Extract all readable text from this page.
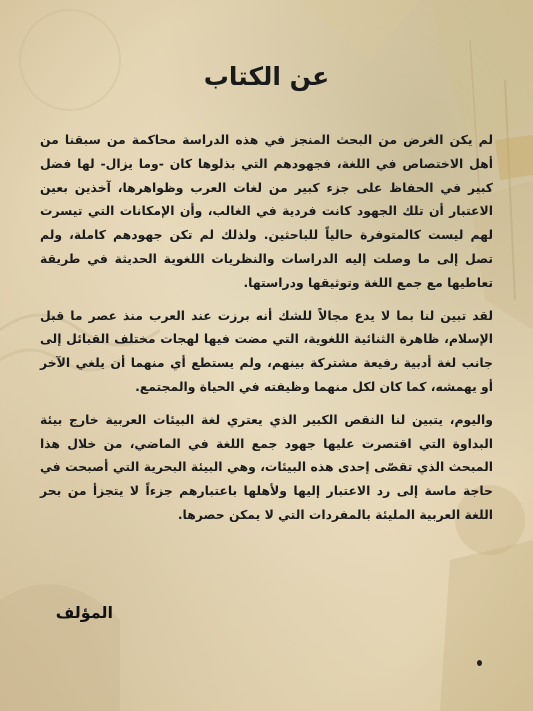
عن الكتاب

لم يكن الغرض من البحث المنجز في هذه الدراسة محاكمة من سبقنا من أهل الاختصاص في اللغة، فجهودهم التي بذلوها كان -وما يزال- لها فضل كبير في الحفاظ على جزء كبير من لغات العرب وظواهرها، آخذين بعين الاعتبار أن تلك الجهود كانت فردية في الغالب، وأن الإمكانات التي تيسرت لهم ليست كالمتوفرة حالياً للباحثين. ولذلك لم تكن جهودهم كاملة، ولم تصل إلى ما وصلت إليه الدراسات والنظريات اللغوية الحديثة في طريقة تعاطيها مع جمع اللغة وتوثيقها ودراستها.

لقد تبين لنا بما لا يدع مجالاً للشك أنه برزت عند العرب منذ عصر ما قبل الإسلام، ظاهرة الثنائية اللغوية، التي مضت فيها لهجات مختلف القبائل إلى جانب لغة أدبية رفيعة مشتركة بينهم، ولم يستطع أي منهما أن يلغي الآخر أو يهمشه، كما كان لكل منهما وظيفته في الحياة والمجتمع.

واليوم، يتبين لنا النقص الكبير الذي يعتري لغة البيئات العربية خارج بيئة البداوة التي اقتصرت عليها جهود جمع اللغة في الماضي، من خلال هذا المبحث الذي تقصّى إحدى هذه البيئات، وهي البيئة البحرية التي أصبحت في حاجة ماسة إلى رد الاعتبار إليها ولأهلها باعتبارهم جزءاً لا يتجزأ من بحر اللغة العربية المليئة بالمفردات التي لا يمكن حصرها.

المؤلف
